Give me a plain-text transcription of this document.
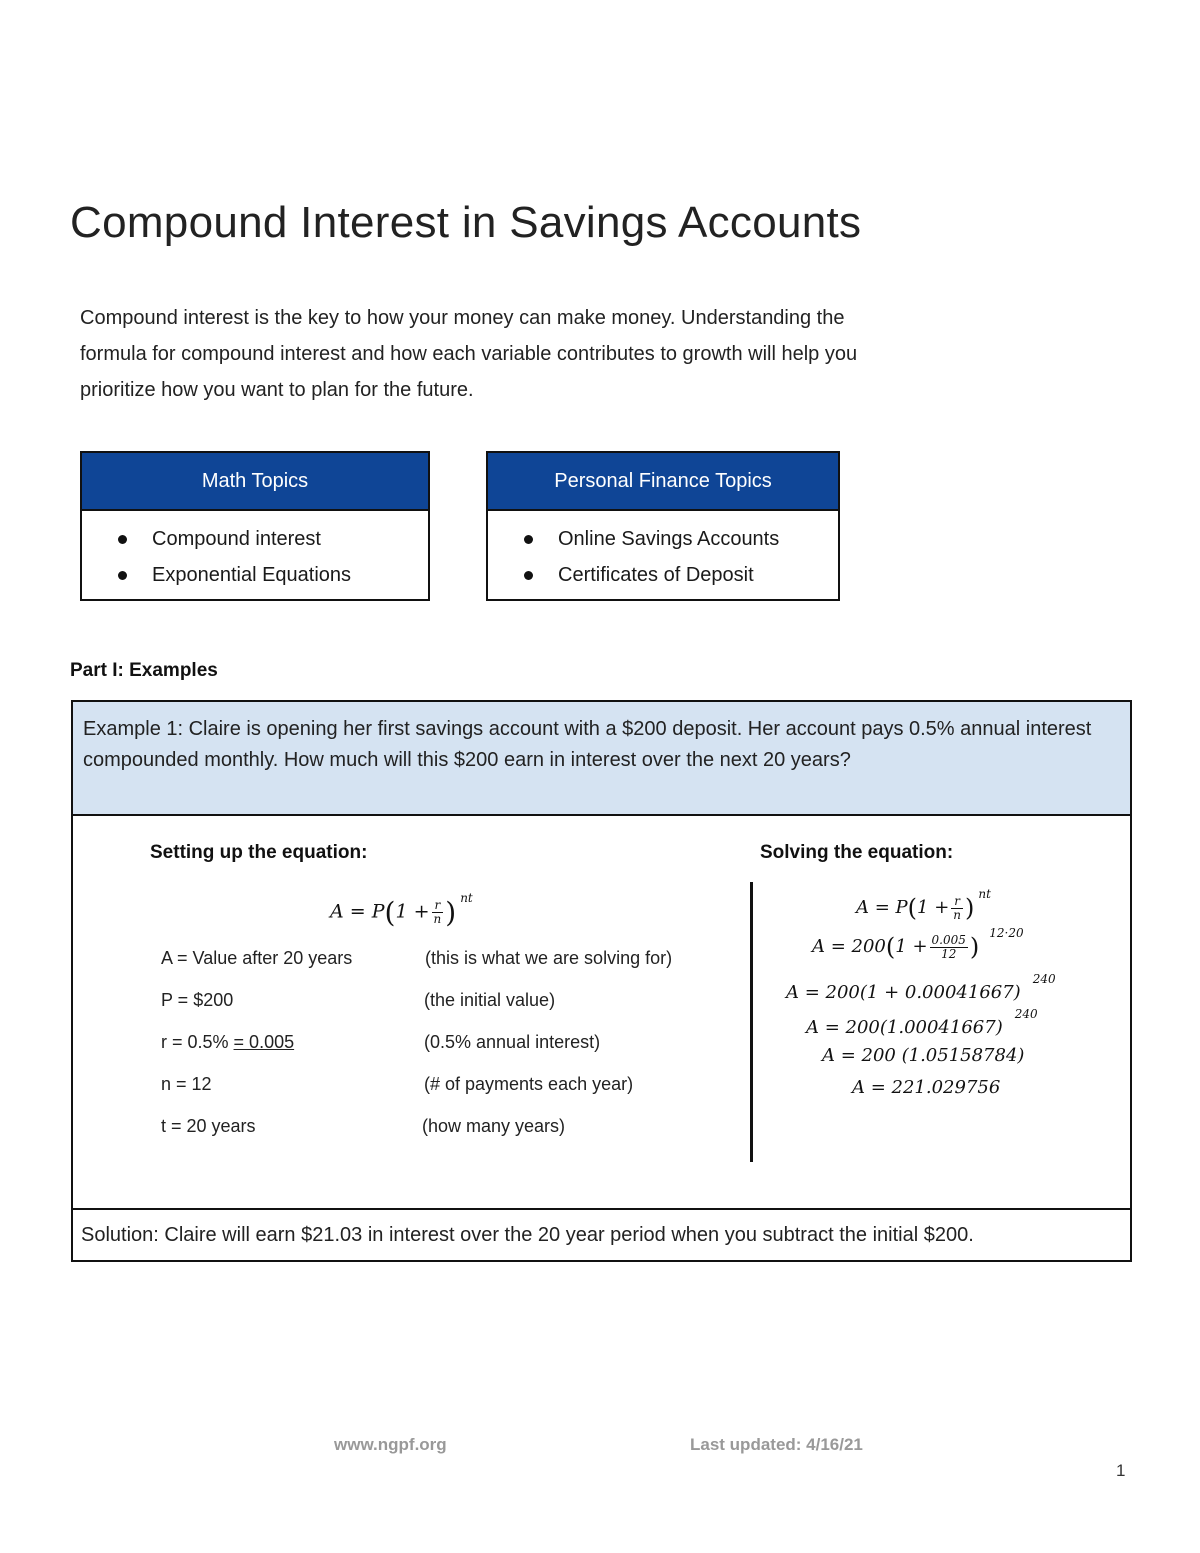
Compound Interest in Savings Accounts
Compound interest is the key to how your money can make money. Understanding the formula for compound interest and how each variable contributes to growth will help you prioritize how you want to plan for the future.
Math Topics
Compound interest
Exponential Equations
Personal Finance Topics
Online Savings Accounts
Certificates of Deposit
Part I: Examples
Example 1: Claire is opening her first savings account with a $200 deposit. Her account pays 0.5% annual interest compounded monthly. How much will this $200 earn in interest over the next 20 years?
Solution: Claire will earn $21.03 in interest over the 20 year period when you subtract the initial $200.
Setting up the equation:
$A = P(1 + \frac{r}{n}$ ) $^{nt}$
A = Value after 20 years	(this is what we are solving for)
P = $200	(the initial value)
r = 0.5% = 0.005	(0.5% annual interest)
n = 12	(# of payments each year)
t = 20 years	(how many years)
Solving the equation:
$A = P(1 + \frac{r}{n}$ ) $^{nt}$
$A = 200(1 + \frac{0.005}{12}$ ) $^{12\cdot 20}$
$A = 200(1 + 0.00041667)^{240}$
$A = 200(1.00041667)^{240}$
A = 200 (1.05158784)
A = 221.029756
www.ngpf.org	Last updated: 4/16/21
1
